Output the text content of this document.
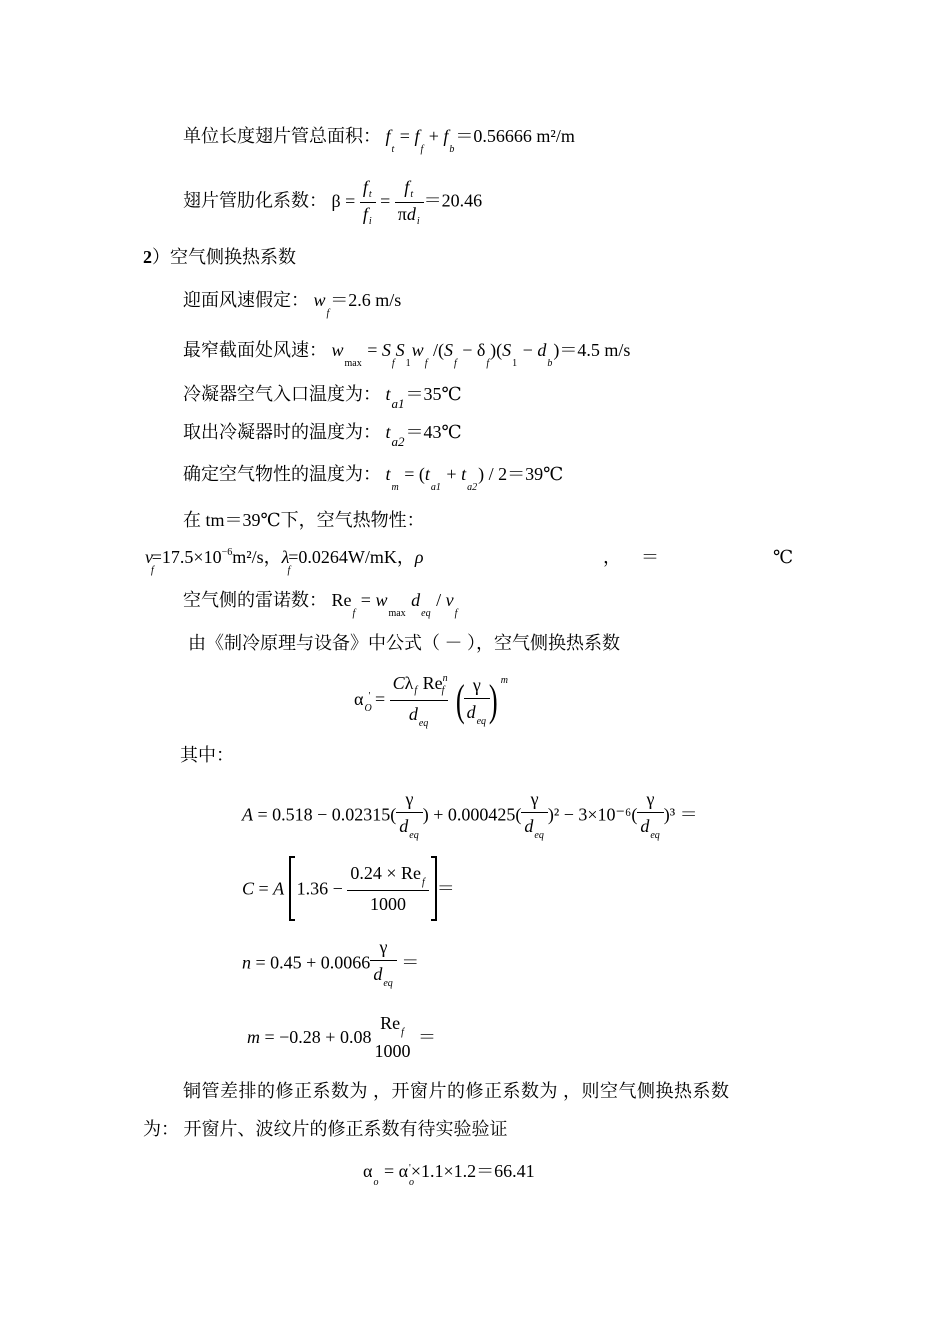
单位长度翅片管总面积： $f_t = f_f + f_b=0.56666$ m²/m
翅片管肋化系数： $\beta = \frac{f_t}{f_i} = \frac{f_t}{\pi d_i} =20.46$
2）空气侧换热系数
迎面风速假定： $w_f=2.6$ m/s
最窄截面处风速： $w_{max} = S_fS_1w_f$ $/(S_f - \delta_f)(S_1 - d_b)=4.5$ m/s
冷凝器空气入口温度为： $t_{a1}=35℃$
取出冷凝器时的温度为： $t_{a2}=43℃$
确定空气物性的温度为： $t_m = (t_{a1} + t_{a2})$ / 2＝39℃
在 tm＝39℃下，空气热物性：
$v_f=17.5\times 10^{-6}m^2/s$，$\lambda_f=0.0264W/mK$，ρ	， ＝	℃
空气侧的雷诺数： $Re_f = w_{max}$ $d_{eq} / v_f$
由《制冷原理与设备》中公式（ － ），空气侧换热系数
$\alpha_O' = \frac{C\lambda_f Re^n_f}{d_{eq}}$ (
$\frac{\gamma}{d_{eq}}$
) $^m$
其中：
$A = 0.518 - 0.02315( \frac{\gamma}{d_{eq}}$ ) + $0.000425( \frac{\gamma}{d_{eq}} )^2 - 3\times 10^{-6}( \frac{\gamma}{d_{eq}} )^3$ ＝
C = A $1.36 - \frac{0.24 \times Re_f}{1000}$ ＝
$n = 0.45 + 0.0066 \frac{\gamma}{d_{eq}}$ ＝
m = −0.28 + 0.08
$Re_f$
1000
＝
铜管差排的修正系数为 ，开窗片的修正系数为 ，则空气侧换热系数
为： 开窗片、波纹片的修正系数有待实验验证
$\alpha_o = \alpha_o'\times 1.1\times 1.2=66.41$
